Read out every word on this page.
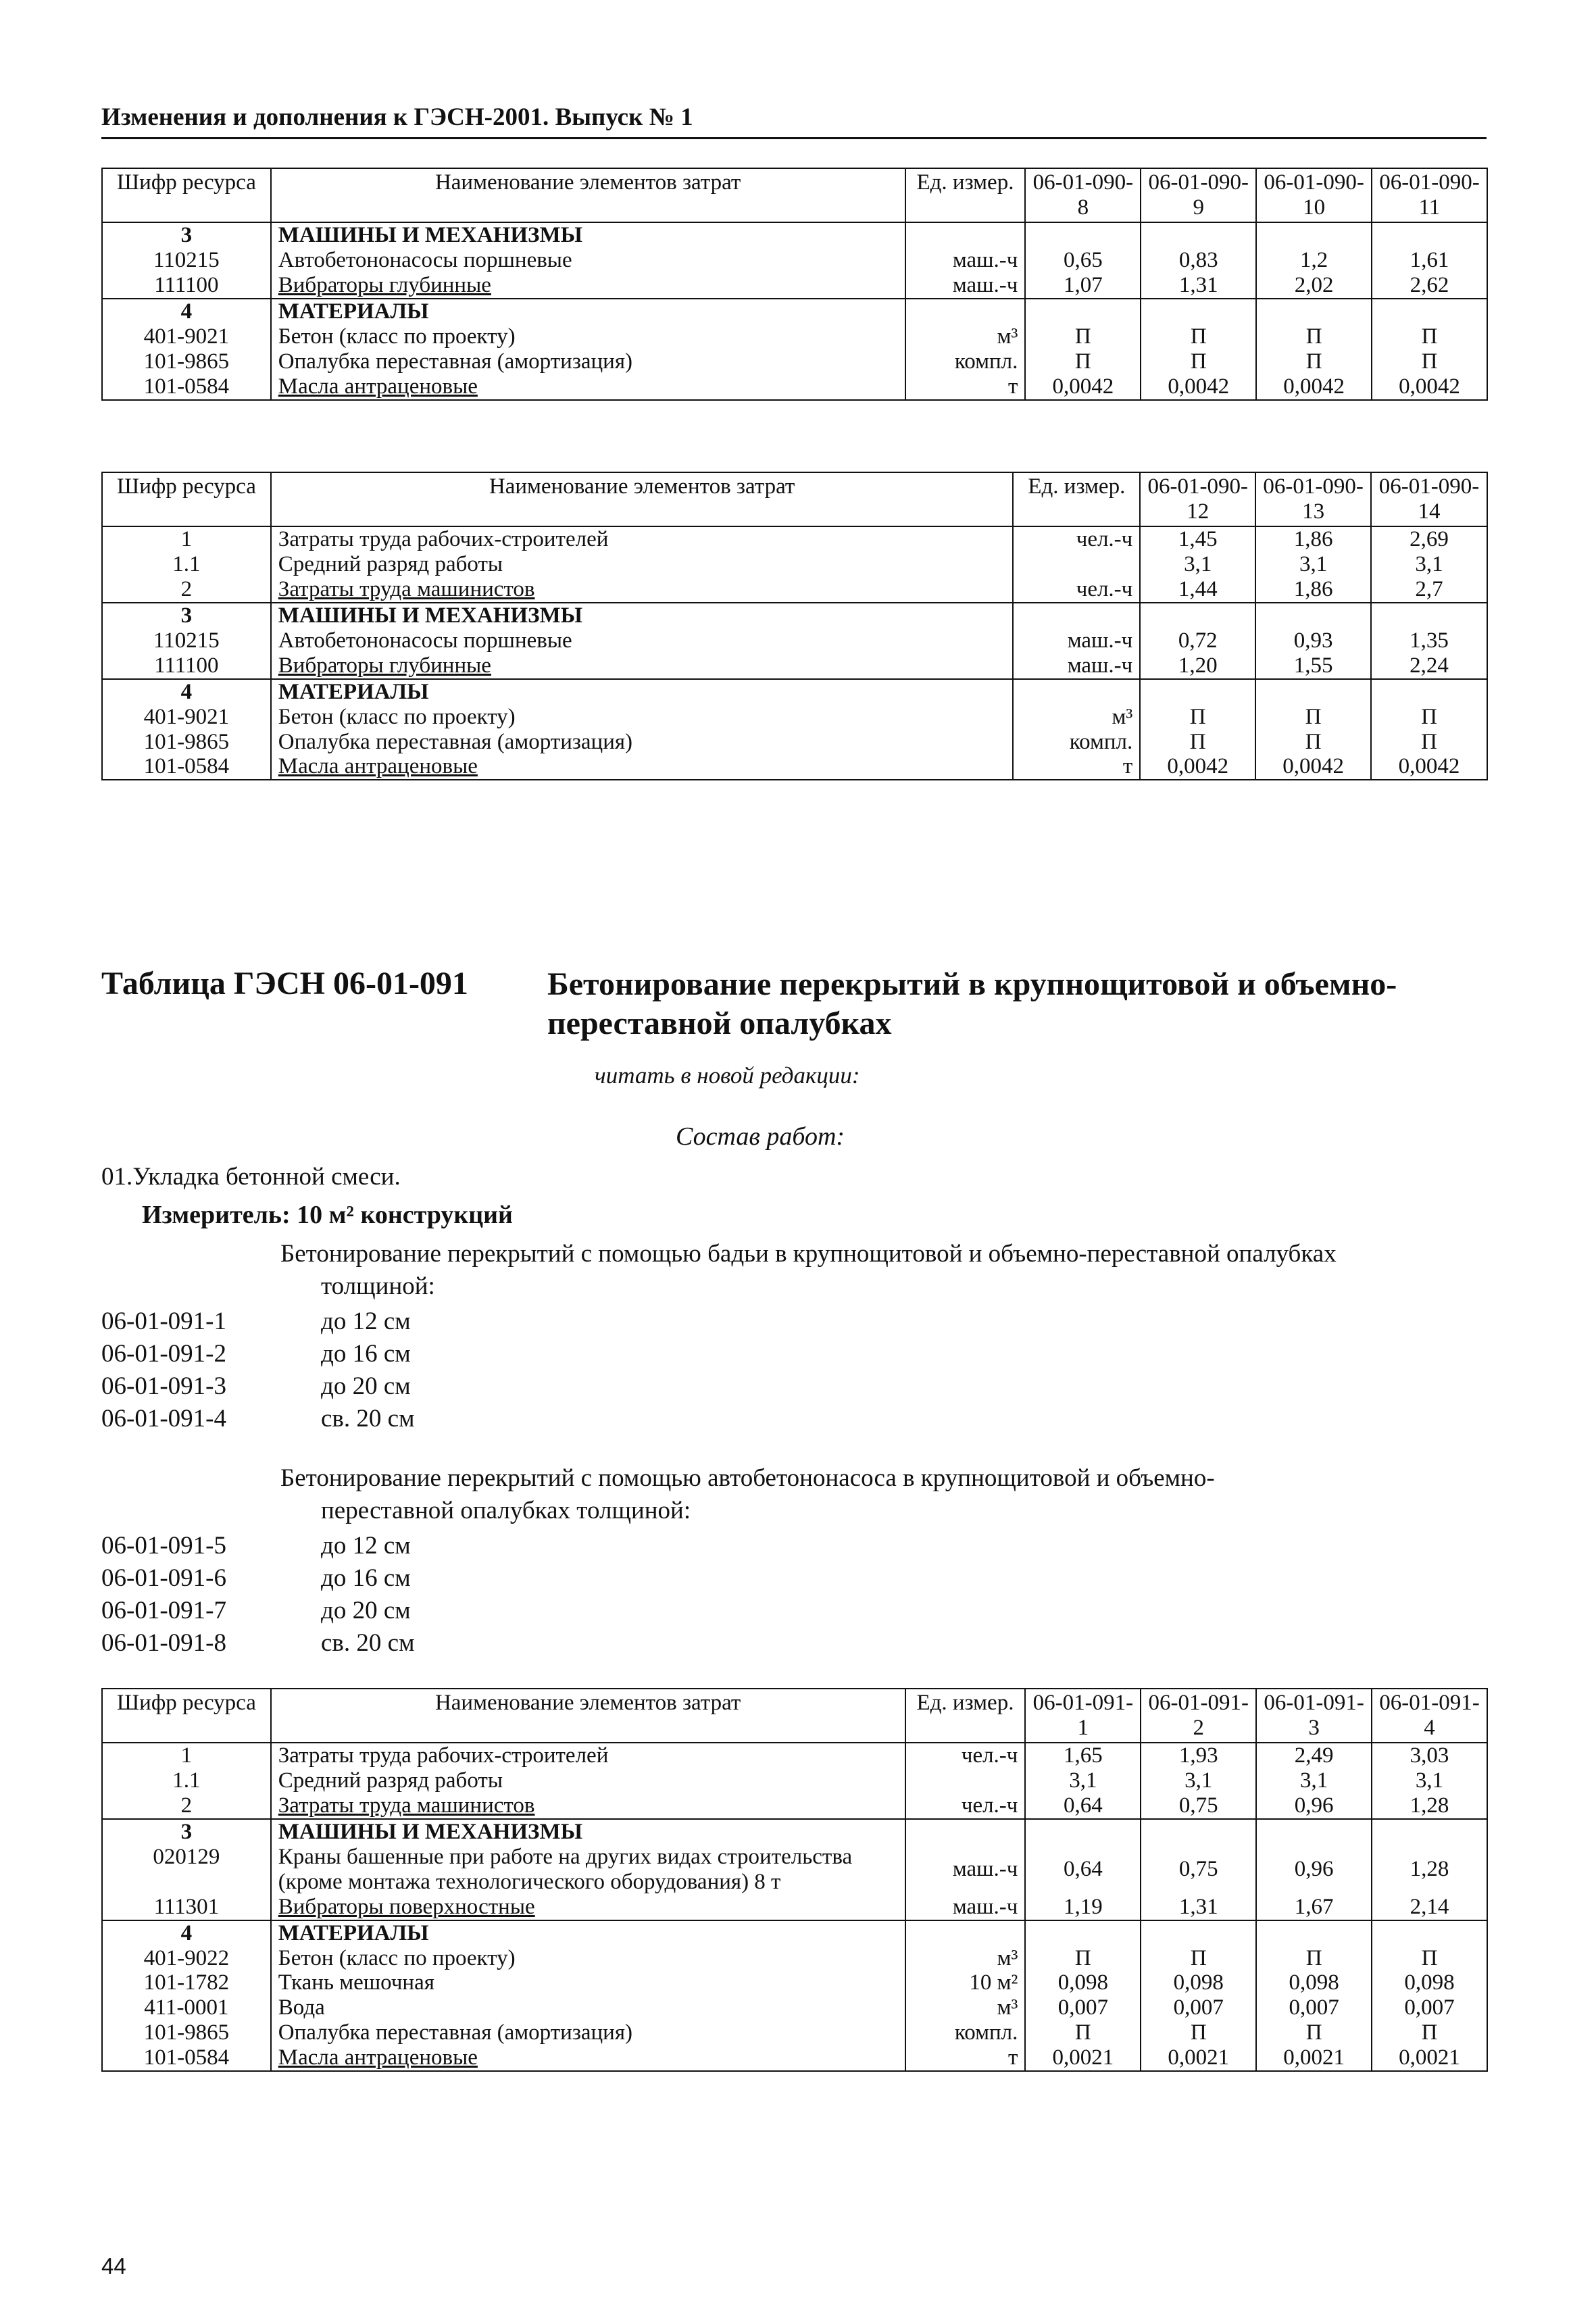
Изменения и дополнения к ГЭСН-2001. Выпуск № 1
Шифр ресурса	Наименование элементов затрат	Ед. измер.	06-01-090-8	06-01-090-9	06-01-090-10	06-01-090-11
3	МАШИНЫ И МЕХАНИЗМЫ					
110215	Автобетононасосы поршневые	маш.-ч	0,65	0,83	1,2	1,61
111100	Вибраторы глубинные	маш.-ч	1,07	1,31	2,02	2,62
4	МАТЕРИАЛЫ					
401-9021	Бетон (класс по проекту)	м³	П	П	П	П
101-9865	Опалубка переставная (амортизация)	компл.	П	П	П	П
101-0584	Масла антраценовые	т	0,0042	0,0042	0,0042	0,0042
Шифр ресурса	Наименование элементов затрат	Ед. измер.	06-01-090-12	06-01-090-13	06-01-090-14
1	Затраты труда рабочих-строителей	чел.-ч	1,45	1,86	2,69
1.1	Средний разряд работы		3,1	3,1	3,1
2	Затраты труда машинистов	чел.-ч	1,44	1,86	2,7
3	МАШИНЫ И МЕХАНИЗМЫ				
110215	Автобетононасосы поршневые	маш.-ч	0,72	0,93	1,35
111100	Вибраторы глубинные	маш.-ч	1,20	1,55	2,24
4	МАТЕРИАЛЫ				
401-9021	Бетон (класс по проекту)	м³	П	П	П
101-9865	Опалубка переставная (амортизация)	компл.	П	П	П
101-0584	Масла антраценовые	т	0,0042	0,0042	0,0042
Таблица ГЭСН 06-01-091 Бетонирование перекрытий в крупнощитовой и объемно-переставной опалубках
читать в новой редакции:
Состав работ:
01.Укладка бетонной смеси.
Измеритель: 10 м² конструкций
Бетонирование перекрытий с помощью бадьи в крупнощитовой и объемно-переставной опалубках
толщиной:
06-01-091-1	до 12 см
06-01-091-2	до 16 см
06-01-091-3	до 20 см
06-01-091-4	св. 20 см
Бетонирование перекрытий с помощью автобетононасоса в крупнощитовой и объемно-
переставной опалубках толщиной:
06-01-091-5	до 12 см
06-01-091-6	до 16 см
06-01-091-7	до 20 см
06-01-091-8	св. 20 см
Шифр ресурса	Наименование элементов затрат	Ед. измер.	06-01-091-1	06-01-091-2	06-01-091-3	06-01-091-4
1	Затраты труда рабочих-строителей	чел.-ч	1,65	1,93	2,49	3,03
1.1	Средний разряд работы		3,1	3,1	3,1	3,1
2	Затраты труда машинистов	чел.-ч	0,64	0,75	0,96	1,28
3	МАШИНЫ И МЕХАНИЗМЫ					
020129	Краны башенные при работе на других видах строительства (кроме монтажа технологического оборудования) 8 т	маш.-ч	0,64	0,75	0,96	1,28
111301	Вибраторы поверхностные	маш.-ч	1,19	1,31	1,67	2,14
4	МАТЕРИАЛЫ					
401-9022	Бетон (класс по проекту)	м³	П	П	П	П
101-1782	Ткань мешочная	10 м²	0,098	0,098	0,098	0,098
411-0001	Вода	м³	0,007	0,007	0,007	0,007
101-9865	Опалубка переставная (амортизация)	компл.	П	П	П	П
101-0584	Масла антраценовые	т	0,0021	0,0021	0,0021	0,0021
44
